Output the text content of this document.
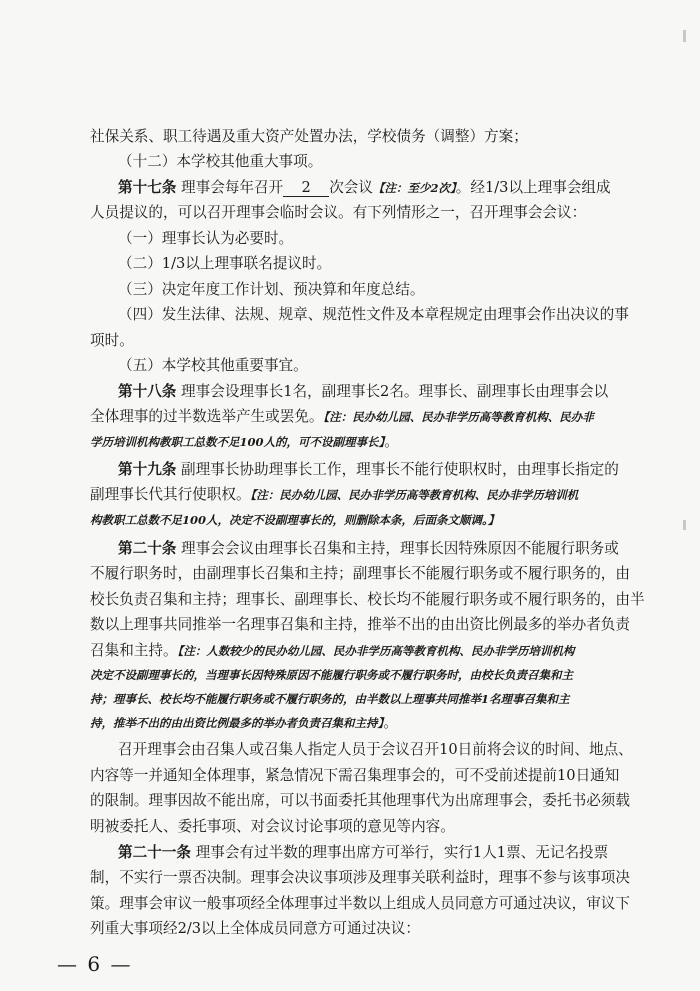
社保关系、职工待遇及重大资产处置办法，学校债务（调整）方案；
（十二）本学校其他重大事项。
第十七条 理事会每年召开 2 次会议【注：至少2次】。经1/3以上理事会组成
人员提议的，可以召开理事会临时会议。有下列情形之一，召开理事会会议：
（一）理事长认为必要时。
（二）1/3以上理事联名提议时。
（三）决定年度工作计划、预决算和年度总结。
（四）发生法律、法规、规章、规范性文件及本章程规定由理事会作出决议的事
项时。
（五）本学校其他重要事宜。
第十八条 理事会设理事长1名，副理事长2名。理事长、副理事长由理事会以
全体理事的过半数选举产生或罢免。【注：民办幼儿园、民办非学历高等教育机构、民办非
学历培训机构教职工总数不足100人的，可不设副理事长】。
第十九条 副理事长协助理事长工作，理事长不能行使职权时，由理事长指定的
副理事长代其行使职权。【注：民办幼儿园、民办非学历高等教育机构、民办非学历培训机
构教职工总数不足100人，决定不设副理事长的，则删除本条，后面条文顺调。】
第二十条 理事会会议由理事长召集和主持，理事长因特殊原因不能履行职务或
不履行职务时，由副理事长召集和主持；副理事长不能履行职务或不履行职务的，由
校长负责召集和主持；理事长、副理事长、校长均不能履行职务或不履行职务的，由半
数以上理事共同推举一名理事召集和主持，推举不出的由出资比例最多的举办者负责
召集和主持。【注：人数较少的民办幼儿园、民办非学历高等教育机构、民办非学历培训机构
决定不设副理事长的，当理事长因特殊原因不能履行职务或不履行职务时，由校长负责召集和主
持；理事长、校长均不能履行职务或不履行职务的，由半数以上理事共同推举1名理事召集和主
持，推举不出的由出资比例最多的举办者负责召集和主持】。
召开理事会由召集人或召集人指定人员于会议召开10日前将会议的时间、地点、
内容等一并通知全体理事，紧急情况下需召集理事会的，可不受前述提前10日通知
的限制。理事因故不能出席，可以书面委托其他理事代为出席理事会，委托书必须载
明被委托人、委托事项、对会议讨论事项的意见等内容。
第二十一条 理事会有过半数的理事出席方可举行，实行1人1票、无记名投票
制，不实行一票否决制。理事会决议事项涉及理事关联利益时，理事不参与该事项决
策。理事会审议一般事项经全体理事过半数以上组成人员同意方可通过决议，审议下
列重大事项经2/3以上全体成员同意方可通过决议：
— 6 —
